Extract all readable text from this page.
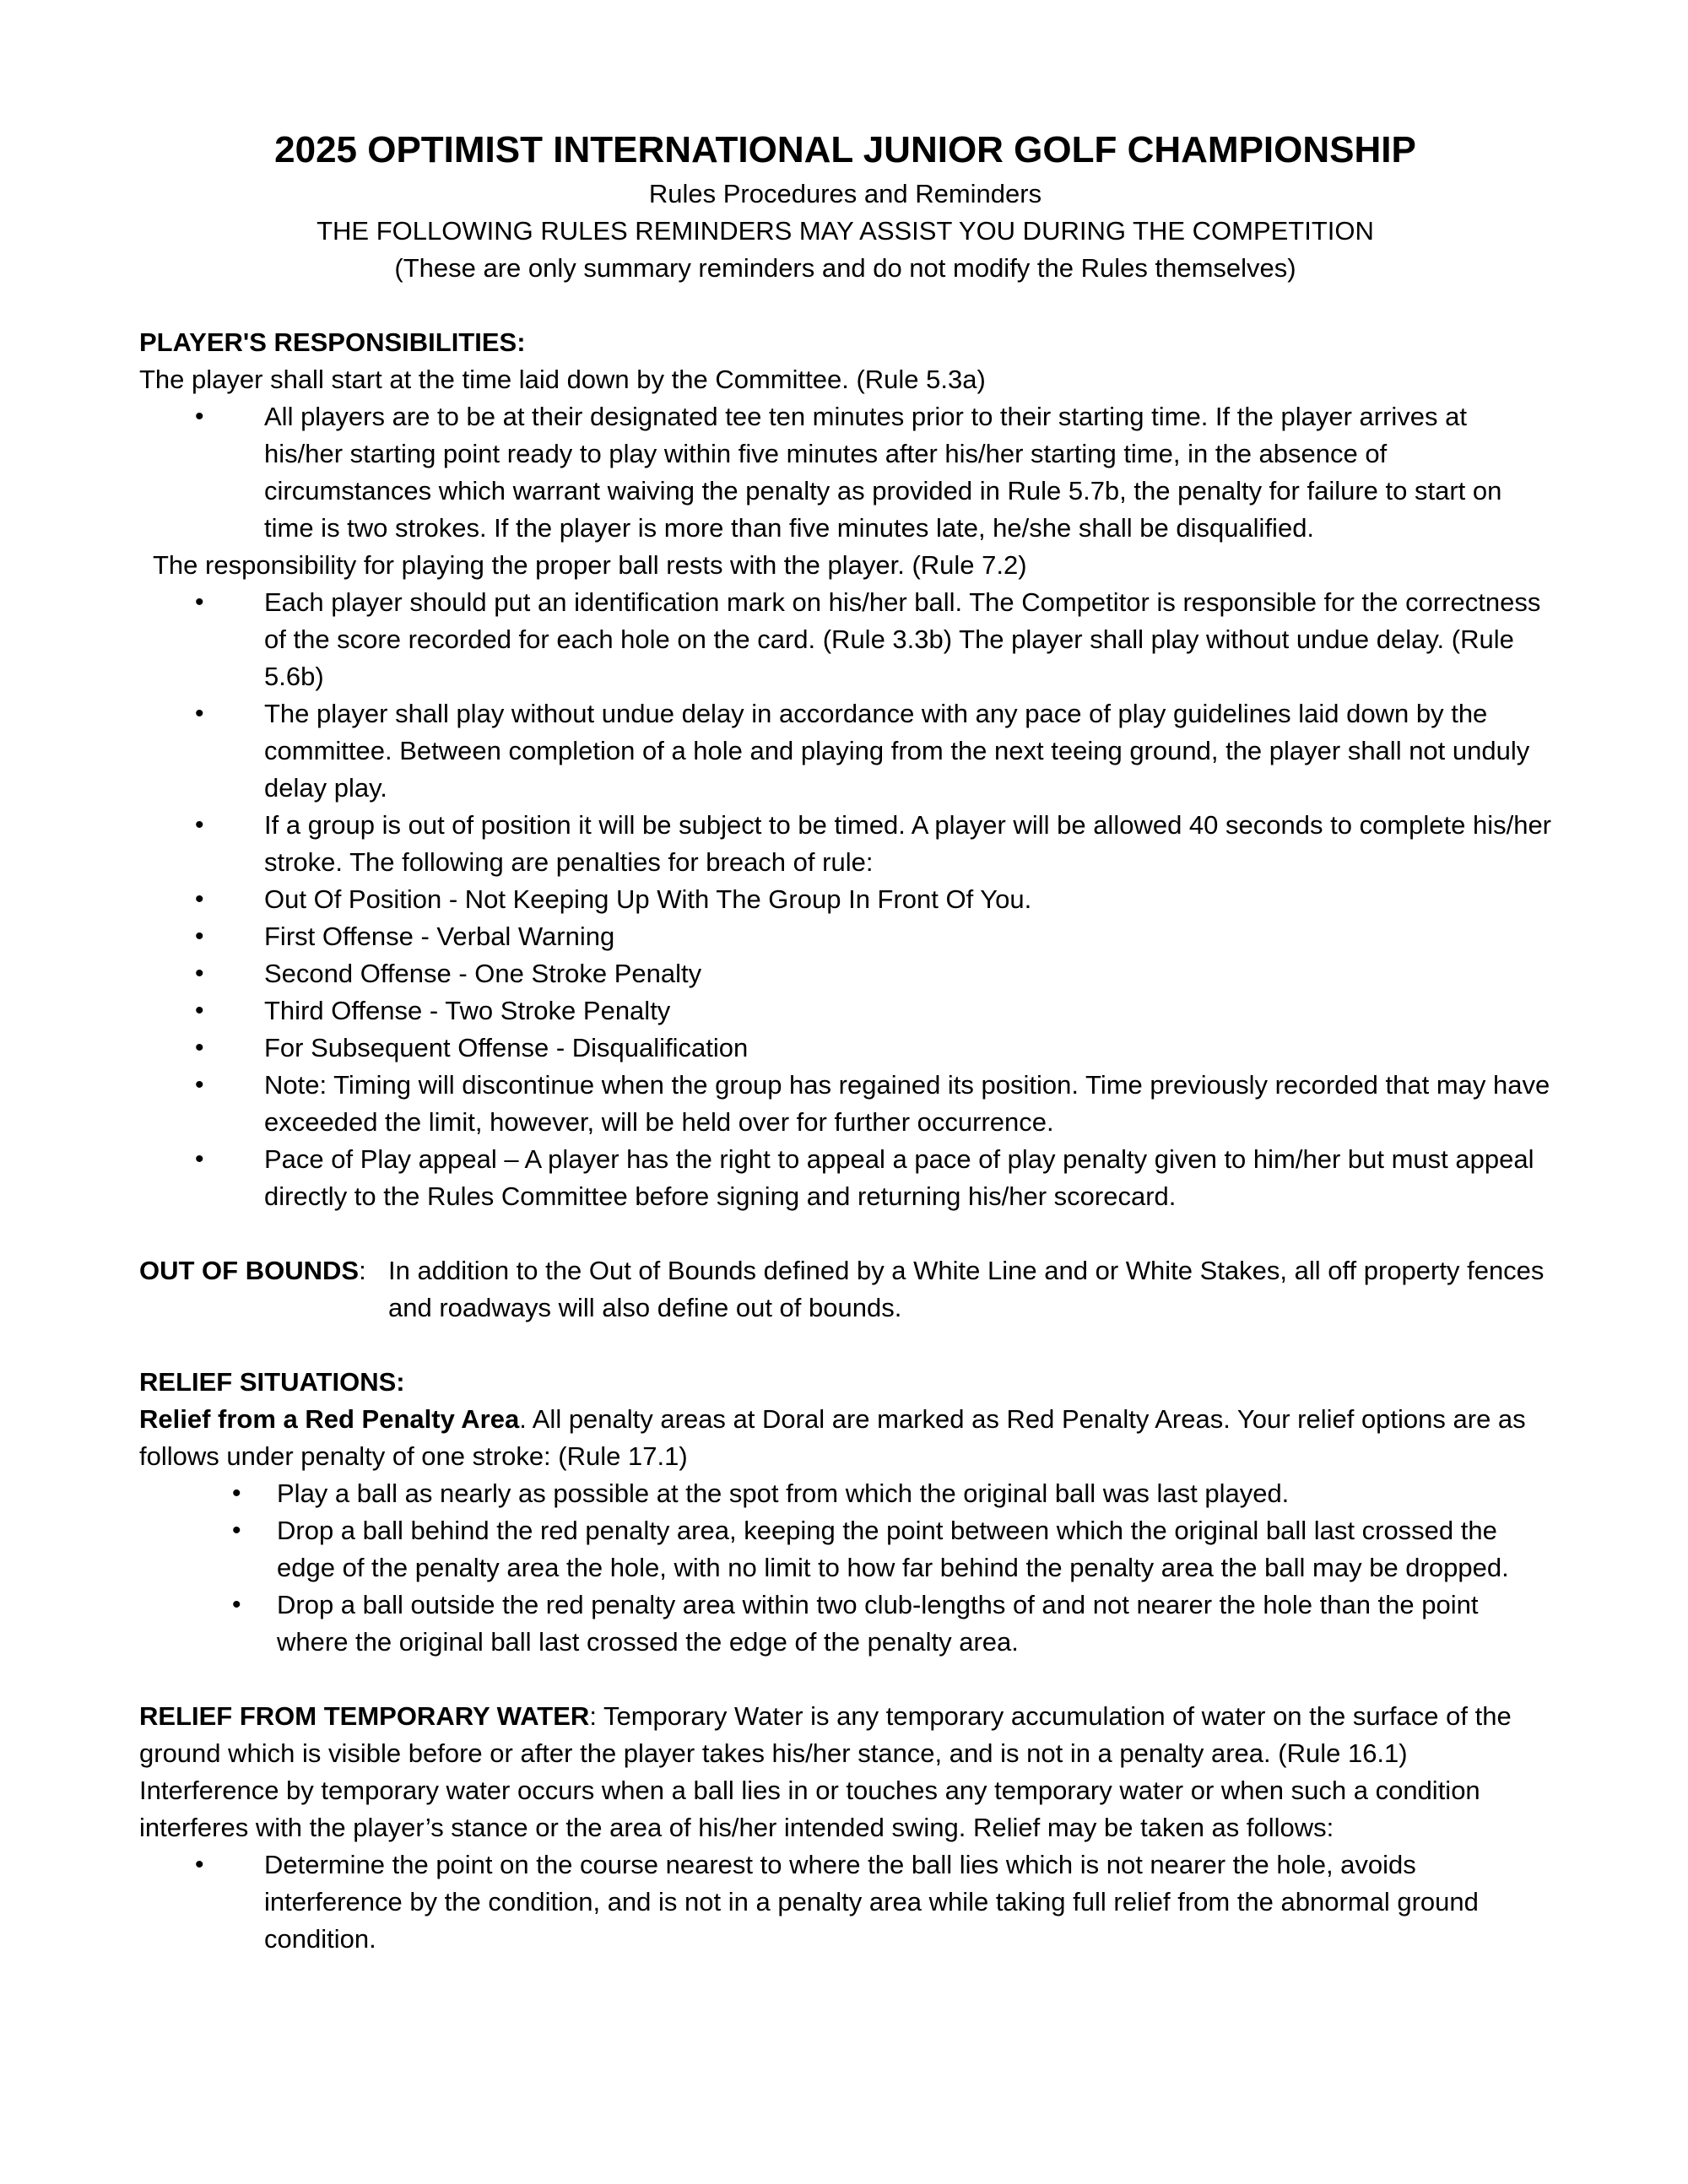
2025 OPTIMIST INTERNATIONAL JUNIOR GOLF CHAMPIONSHIP

Rules Procedures and Reminders

THE FOLLOWING RULES REMINDERS MAY ASSIST YOU DURING THE COMPETITION

(These are only summary reminders and do not modify the Rules themselves)

PLAYER'S RESPONSIBILITIES:

The player shall start at the time laid down by the Committee. (Rule 5.3a)

• All players are to be at their designated tee ten minutes prior to their starting time. If the player arrives at his/her starting point ready to play within five minutes after his/her starting time, in the absence of circumstances which warrant waiving the penalty as provided in Rule 5.7b, the penalty for failure to start on time is two strokes. If the player is more than five minutes late, he/she shall be disqualified.

The responsibility for playing the proper ball rests with the player. (Rule 7.2)

• Each player should put an identification mark on his/her ball. The Competitor is responsible for the correctness of the score recorded for each hole on the card. (Rule 3.3b) The player shall play without undue delay. (Rule 5.6b)
• The player shall play without undue delay in accordance with any pace of play guidelines laid down by the committee. Between completion of a hole and playing from the next teeing ground, the player shall not unduly delay play.
• If a group is out of position it will be subject to be timed. A player will be allowed 40 seconds to complete his/her stroke. The following are penalties for breach of rule:
• Out Of Position - Not Keeping Up With The Group In Front Of You.
• First Offense - Verbal Warning
• Second Offense - One Stroke Penalty
• Third Offense - Two Stroke Penalty
• For Subsequent Offense - Disqualification
• Note: Timing will discontinue when the group has regained its position. Time previously recorded that may have exceeded the limit, however, will be held over for further occurrence.
• Pace of Play appeal – A player has the right to appeal a pace of play penalty given to him/her but must appeal directly to the Rules Committee before signing and returning his/her scorecard.
OUT OF BOUNDS: In addition to the Out of Bounds defined by a White Line and or White Stakes, all off property fences and roadways will also define out of bounds.

RELIEF SITUATIONS:

Relief from a Red Penalty Area. All penalty areas at Doral are marked as Red Penalty Areas. Your relief options are as follows under penalty of one stroke: (Rule 17.1)

• Play a ball as nearly as possible at the spot from which the original ball was last played.
• Drop a ball behind the red penalty area, keeping the point between which the original ball last crossed the edge of the penalty area the hole, with no limit to how far behind the penalty area the ball may be dropped.
• Drop a ball outside the red penalty area within two club-lengths of and not nearer the hole than the point where the original ball last crossed the edge of the penalty area.

RELIEF FROM TEMPORARY WATER: Temporary Water is any temporary accumulation of water on the surface of the ground which is visible before or after the player takes his/her stance, and is not in a penalty area. (Rule 16.1) Interference by temporary water occurs when a ball lies in or touches any temporary water or when such a condition interferes with the player’s stance or the area of his/her intended swing. Relief may be taken as follows:

• Determine the point on the course nearest to where the ball lies which is not nearer the hole, avoids interference by the condition, and is not in a penalty area while taking full relief from the abnormal ground condition.
